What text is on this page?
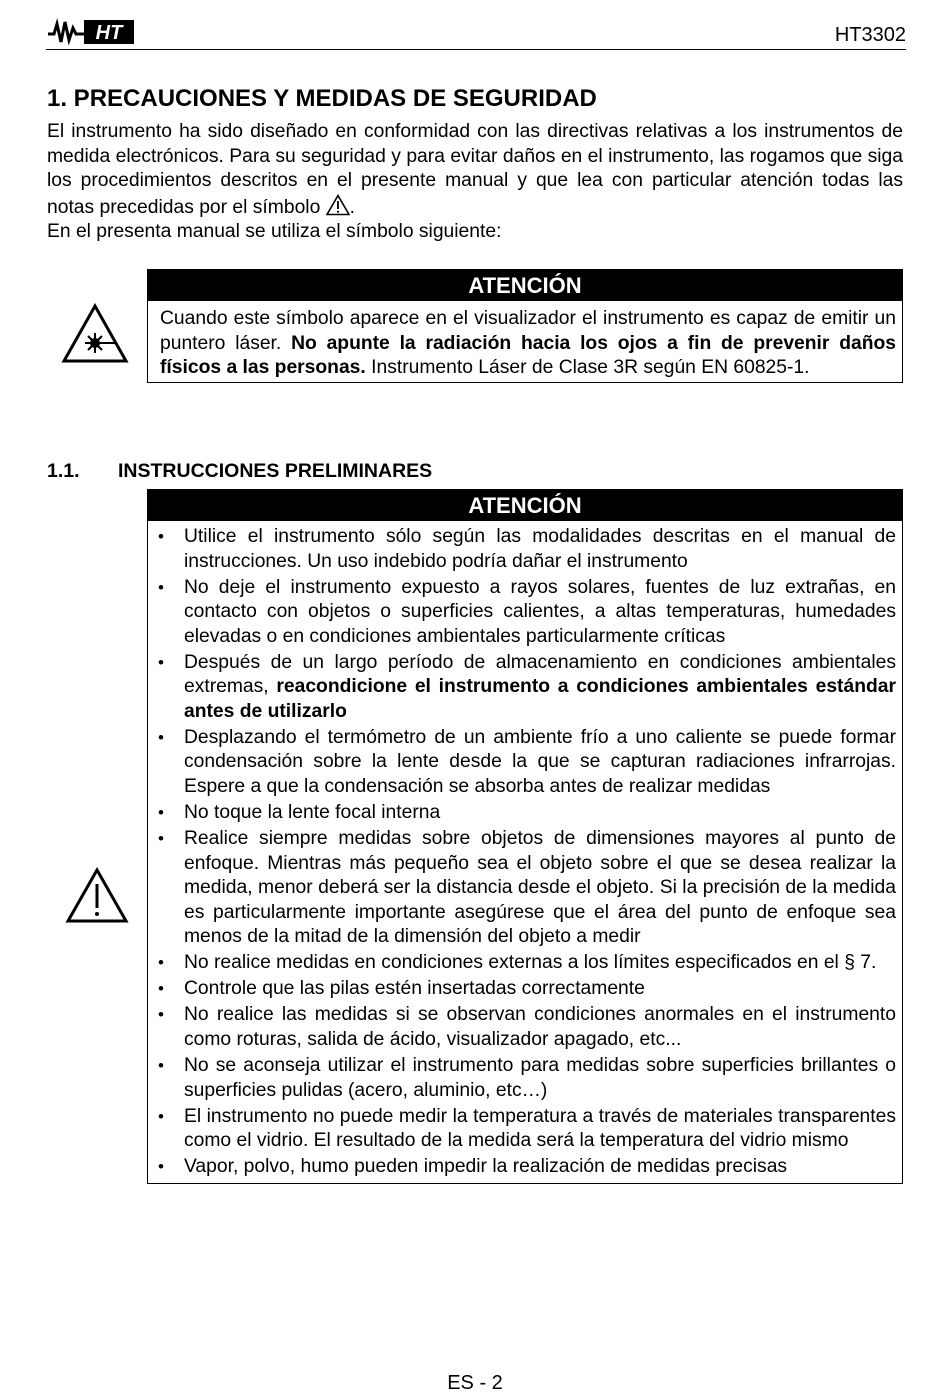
HT	HT3302
1. PRECAUCIONES Y MEDIDAS DE SEGURIDAD

El instrumento ha sido diseñado en conformidad con las directivas relativas a los instrumentos de medida electrónicos. Para su seguridad y para evitar daños en el instrumento, las rogamos que siga los procedimientos descritos en el presente manual y que lea con particular atención todas las notas precedidas por el símbolo .

En el presenta manual se utiliza el símbolo siguiente:

ATENCIÓN
Cuando este símbolo aparece en el visualizador el instrumento es capaz de emitir un puntero láser. No apunte la radiación hacia los ojos a fin de prevenir daños físicos a las personas. Instrumento Láser de Clase 3R según EN 60825-1.
1.1. INSTRUCCIONES PRELIMINARES
ATENCIÓN
• Utilice el instrumento sólo según las modalidades descritas en el manual de instrucciones. Un uso indebido podría dañar el instrumento
• No deje el instrumento expuesto a rayos solares, fuentes de luz extrañas, en contacto con objetos o superficies calientes, a altas temperaturas, humedades elevadas o en condiciones ambientales particularmente críticas
• Después de un largo período de almacenamiento en condiciones ambientales extremas, reacondicione el instrumento a condiciones ambientales estándar antes de utilizarlo
• Desplazando el termómetro de un ambiente frío a uno caliente se puede formar condensación sobre la lente desde la que se capturan radiaciones infrarrojas. Espere a que la condensación se absorba antes de realizar medidas
• No toque la lente focal interna
• Realice siempre medidas sobre objetos de dimensiones mayores al punto de enfoque. Mientras más pequeño sea el objeto sobre el que se desea realizar la medida, menor deberá ser la distancia desde el objeto. Si la precisión de la medida es particularmente importante asegúrese que el área del punto de enfoque sea menos de la mitad de la dimensión del objeto a medir
• No realice medidas en condiciones externas a los límites especificados en el § 7.
• Controle que las pilas estén insertadas correctamente
• No realice las medidas si se observan condiciones anormales en el instrumento como roturas, salida de ácido, visualizador apagado, etc...
• No se aconseja utilizar el instrumento para medidas sobre superficies brillantes o superficies pulidas (acero, aluminio, etc…)
• El instrumento no puede medir la temperatura a través de materiales transparentes como el vidrio. El resultado de la medida será la temperatura del vidrio mismo
• Vapor, polvo, humo pueden impedir la realización de medidas precisas
ES - 2
